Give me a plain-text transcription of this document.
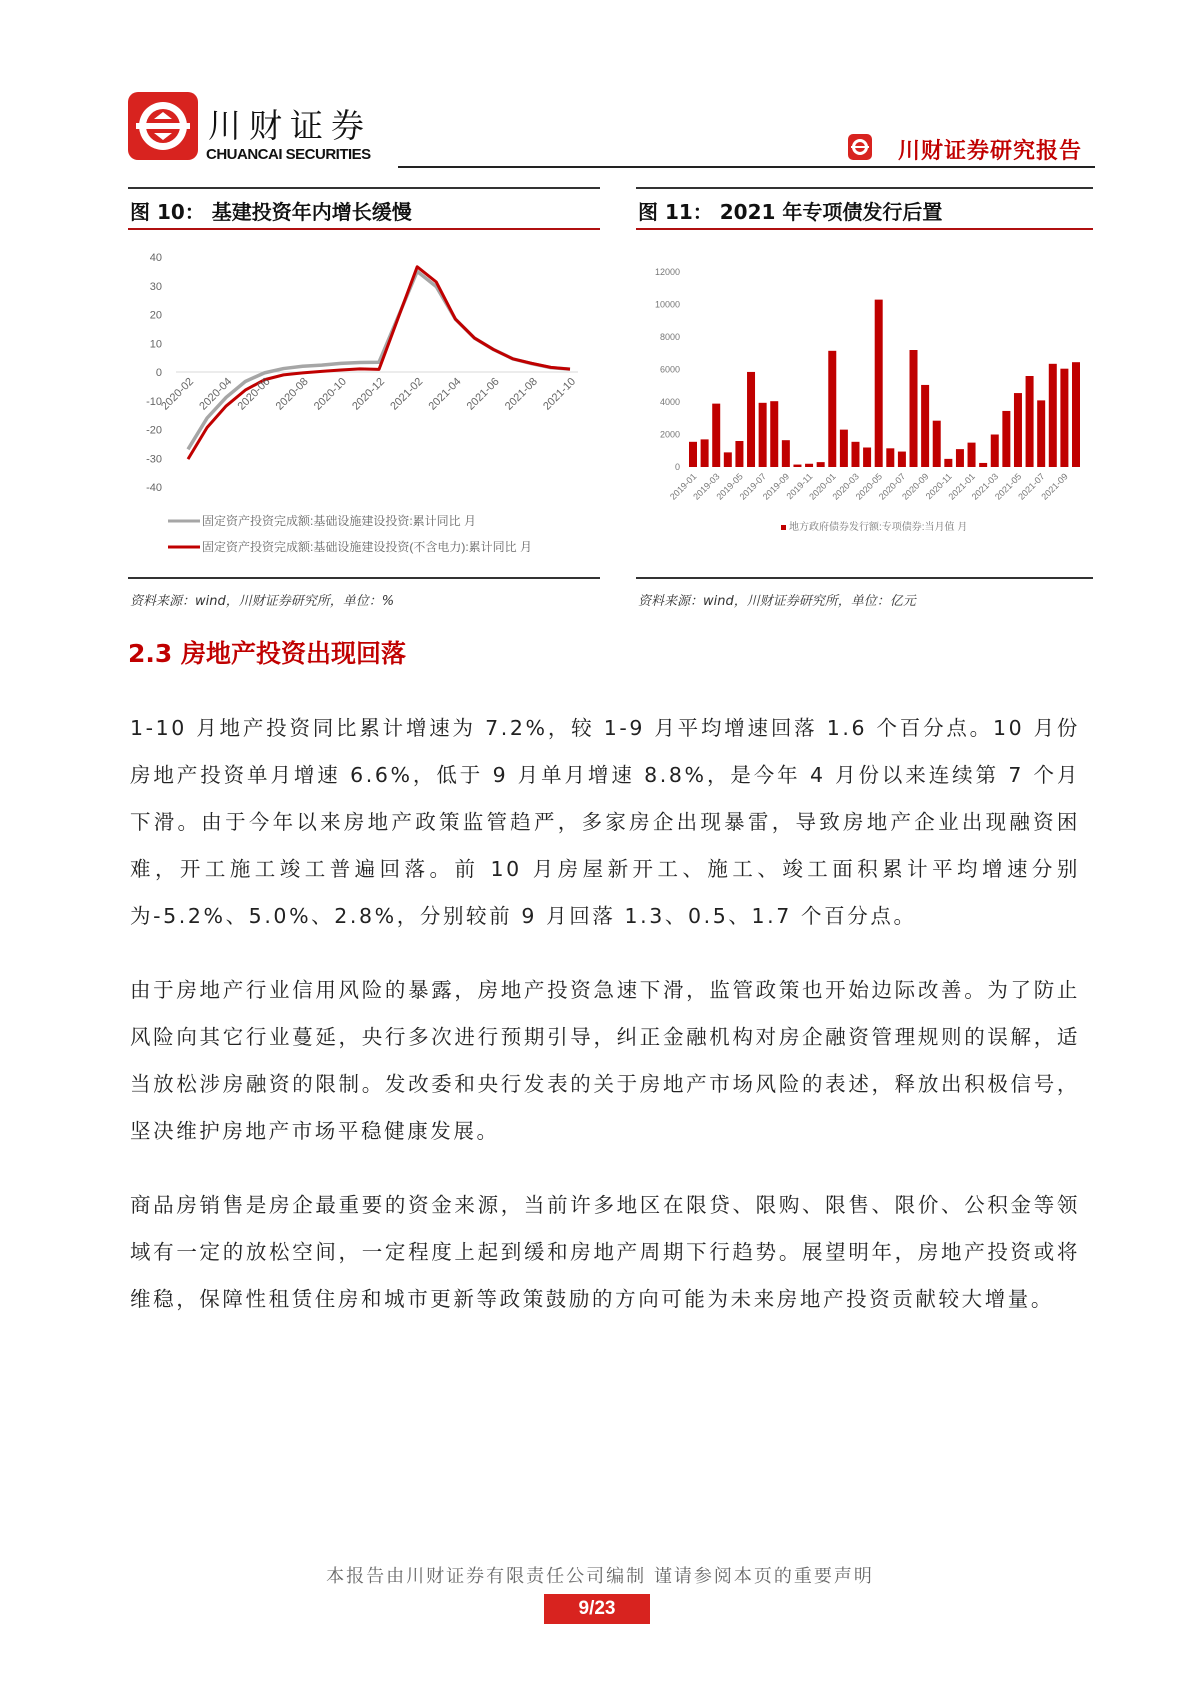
川财证券
CHUANCAI SECURITIES	川财证券研究报告
图 10： 基建投资年内增长缓慢
40
30
20
10
0
-10
-20
-30
-40
2020-02 2020-04 2020-06 2020-08 2020-10 2020-12 2021-02 2021-04 2021-06 2021-08 2021-10
固定资产投资完成额:基础设施建设投资:累计同比 月
固定资产投资完成额:基础设施建设投资(不含电力):累计同比 月
资料来源：wind，川财证券研究所，单位：%
图 11： 2021 年专项债发行后置
12000
10000
8000
6000
4000
2000
0
2019-01
2019-03
2019-05
2019-07
2019-09
2019-11
2020-01
2020-03
2020-05
2020-07
2020-09
2020-11
2021-01
2021-03
2021-05
2021-07
2021-09
地方政府债券发行额:专项债券:当月值 月
资料来源：wind，川财证券研究所，单位：亿元
2.3 房地产投资出现回落
1-10 月地产投资同比累计增速为 7.2%，较 1-9 月平均增速回落 1.6 个百分点。10 月份房地产投资单月增速 6.6%，低于 9 月单月增速 8.8%，是今年 4 月份以来连续第 7 个月下滑。由于今年以来房地产政策监管趋严，多家房企出现暴雷，导致房地产企业出现融资困难，开工施工竣工普遍回落。前 10 月房屋新开工、施工、竣工面积累计平均增速分别为-5.2%、5.0%、2.8%，分别较前 9 月回落 1.3、0.5、1.7 个百分点。
由于房地产行业信用风险的暴露，房地产投资急速下滑，监管政策也开始边际改善。为了防止风险向其它行业蔓延，央行多次进行预期引导，纠正金融机构对房企融资管理规则的误解，适当放松涉房融资的限制。发改委和央行发表的关于房地产市场风险的表述，释放出积极信号，坚决维护房地产市场平稳健康发展。
商品房销售是房企最重要的资金来源，当前许多地区在限贷、限购、限售、限价、公积金等领域有一定的放松空间，一定程度上起到缓和房地产周期下行趋势。展望明年，房地产投资或将维稳，保障性租赁住房和城市更新等政策鼓励的方向可能为未来房地产投资贡献较大增量。
本报告由川财证券有限责任公司编制 谨请参阅本页的重要声明
9/23
